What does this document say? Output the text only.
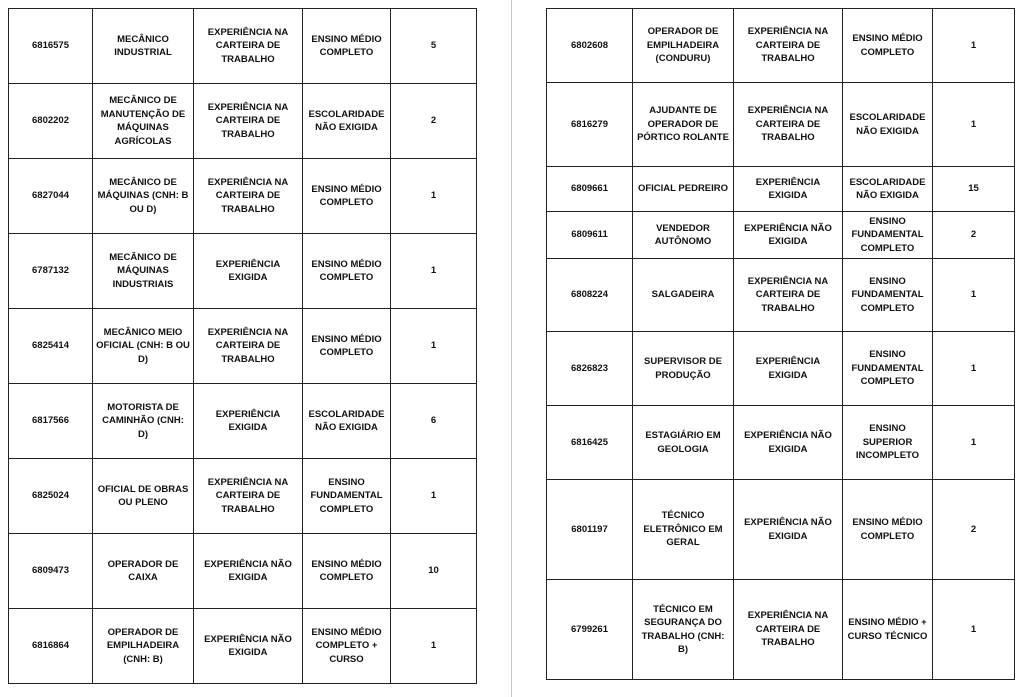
6816575	MECÂNICO INDUSTRIAL	EXPERIÊNCIA NA CARTEIRA DE TRABALHO	ENSINO MÉDIO COMPLETO	5
6802202	MECÂNICO DE MANUTENÇÃO DE MÁQUINAS AGRÍCOLAS	EXPERIÊNCIA NA CARTEIRA DE TRABALHO	ESCOLARIDADE NÃO EXIGIDA	2
6827044	MECÂNICO DE MÁQUINAS (CNH: B OU D)	EXPERIÊNCIA NA CARTEIRA DE TRABALHO	ENSINO MÉDIO COMPLETO	1
6787132	MECÂNICO DE MÁQUINAS INDUSTRIAIS	EXPERIÊNCIA EXIGIDA	ENSINO MÉDIO COMPLETO	1
6825414	MECÂNICO MEIO OFICIAL (CNH: B OU D)	EXPERIÊNCIA NA CARTEIRA DE TRABALHO	ENSINO MÉDIO COMPLETO	1
6817566	MOTORISTA DE CAMINHÃO (CNH: D)	EXPERIÊNCIA EXIGIDA	ESCOLARIDADE NÃO EXIGIDA	6
6825024	OFICIAL DE OBRAS OU PLENO	EXPERIÊNCIA NA CARTEIRA DE TRABALHO	ENSINO FUNDAMENTAL COMPLETO	1
6809473	OPERADOR DE CAIXA	EXPERIÊNCIA NÃO EXIGIDA	ENSINO MÉDIO COMPLETO	10
6816864	OPERADOR DE EMPILHADEIRA (CNH: B)	EXPERIÊNCIA NÃO EXIGIDA	ENSINO MÉDIO COMPLETO + CURSO	1
6802608	OPERADOR DE EMPILHADEIRA (CONDURU)	EXPERIÊNCIA NA CARTEIRA DE TRABALHO	ENSINO MÉDIO COMPLETO	1
6816279	AJUDANTE DE OPERADOR DE PÓRTICO ROLANTE	EXPERIÊNCIA NA CARTEIRA DE TRABALHO	ESCOLARIDADE NÃO EXIGIDA	1
6809661	OFICIAL PEDREIRO	EXPERIÊNCIA EXIGIDA	ESCOLARIDADE NÃO EXIGIDA	15
6809611	VENDEDOR AUTÔNOMO	EXPERIÊNCIA NÃO EXIGIDA	ENSINO FUNDAMENTAL COMPLETO	2
6808224	SALGADEIRA	EXPERIÊNCIA NA CARTEIRA DE TRABALHO	ENSINO FUNDAMENTAL COMPLETO	1
6826823	SUPERVISOR DE PRODUÇÃO	EXPERIÊNCIA EXIGIDA	ENSINO FUNDAMENTAL COMPLETO	1
6816425	ESTAGIÁRIO EM GEOLOGIA	EXPERIÊNCIA NÃO EXIGIDA	ENSINO SUPERIOR INCOMPLETO	1
6801197	TÉCNICO ELETRÔNICO EM GERAL	EXPERIÊNCIA NÃO EXIGIDA	ENSINO MÉDIO COMPLETO	2
6799261	TÉCNICO EM SEGURANÇA DO TRABALHO (CNH: B)	EXPERIÊNCIA NA CARTEIRA DE TRABALHO	ENSINO MÉDIO + CURSO TÉCNICO	1
